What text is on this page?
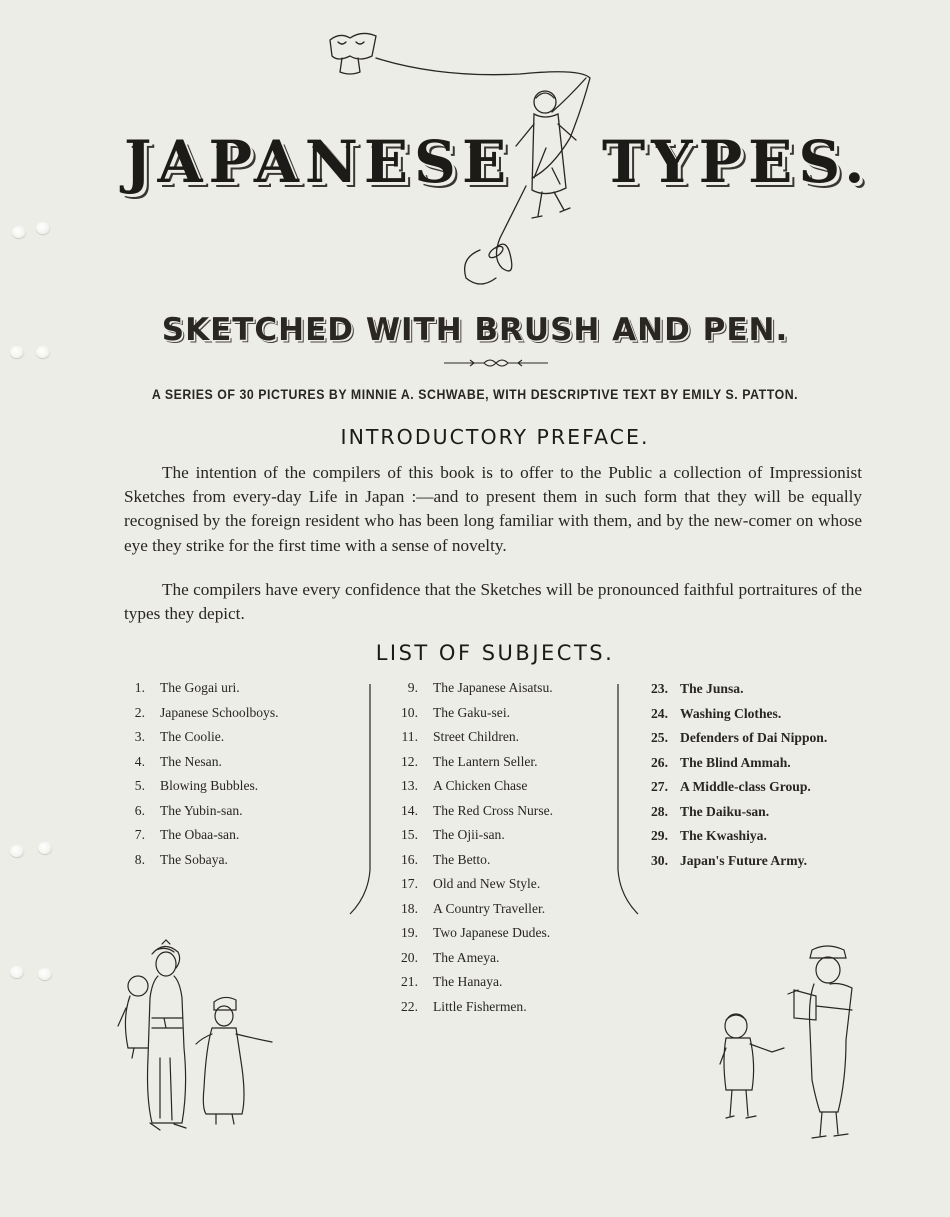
JAPANESE TYPES.
SKETCHED WITH BRUSH AND PEN.
A SERIES OF 30 PICTURES BY MINNIE A. SCHWABE, WITH DESCRIPTIVE TEXT BY EMILY S. PATTON.
INTRODUCTORY PREFACE.

The intention of the compilers of this book is to offer to the Public a collection of Impressionist Sketches from every-day Life in Japan :—and to present them in such form that they will be equally recognised by the foreign resident who has been long familiar with them, and by the new-comer on whose eye they strike for the first time with a sense of novelty.

The compilers have every confidence that the Sketches will be pronounced faithful portraitures of the types they depict.

LIST OF SUBJECTS.
1. The Gogai uri.
2. Japanese Schoolboys.
3. The Coolie.
4. The Nesan.
5. Blowing Bubbles.
6. The Yubin-san.
7. The Obaa-san.
8. The Sobaya.
9. The Japanese Aisatsu.
10. The Gaku-sei.
11. Street Children.
12. The Lantern Seller.
13. A Chicken Chase
14. The Red Cross Nurse.
15. The Ojii-san.
16. The Betto.
17. Old and New Style.
18. A Country Traveller.
19. Two Japanese Dudes.
20. The Ameya.
21. The Hanaya.
22. Little Fishermen.
23. The Junsa.
24. Washing Clothes.
25. Defenders of Dai Nippon.
26. The Blind Ammah.
27. A Middle-class Group.
28. The Daiku-san.
29. The Kwashiya.
30. Japan's Future Army.
